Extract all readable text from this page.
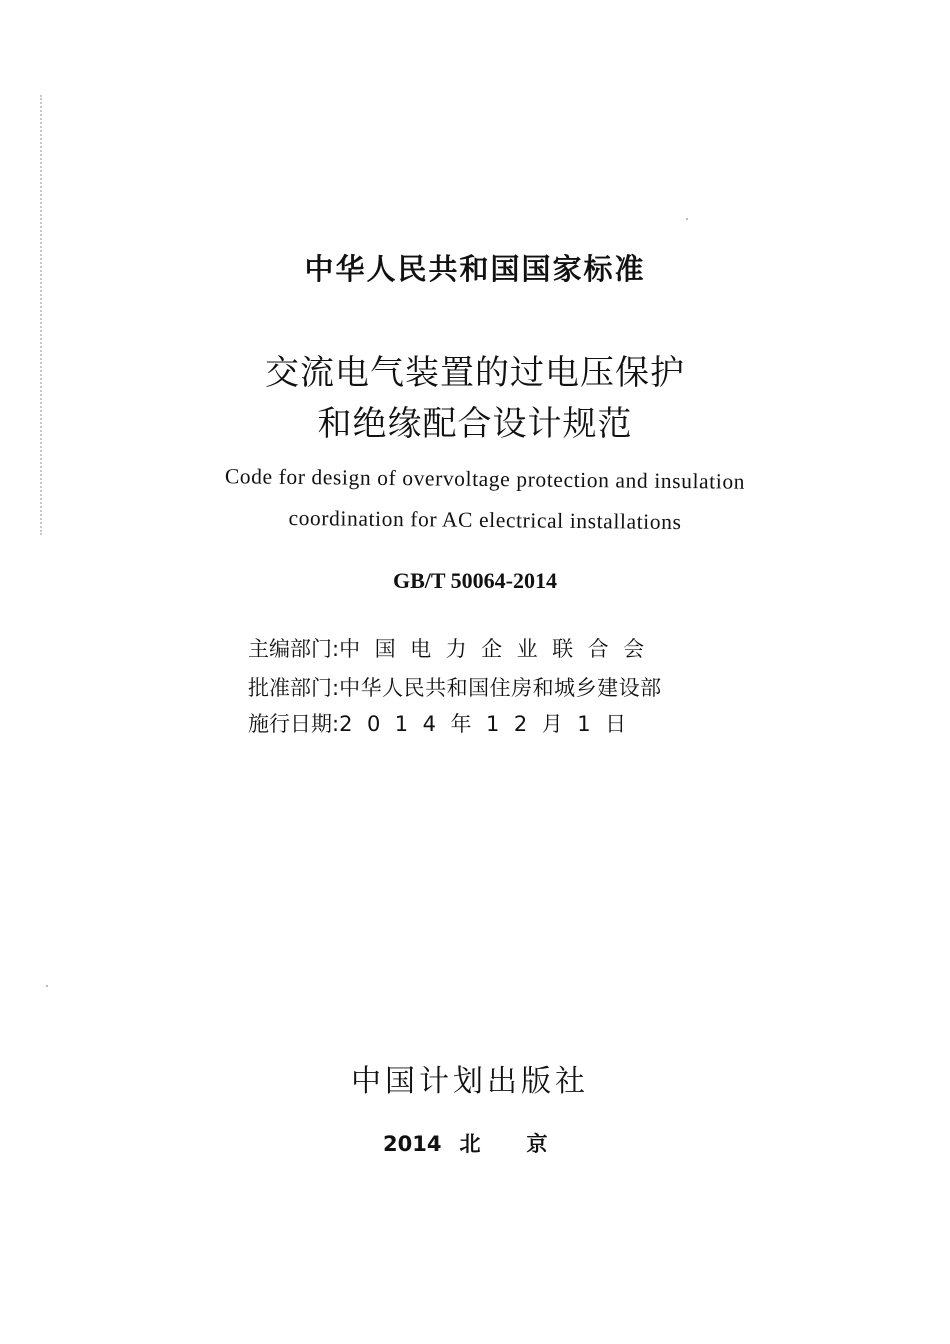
中华人民共和国国家标准
交流电气装置的过电压保护
和绝缘配合设计规范
Code for design of overvoltage protection and insulation
coordination for AC electrical installations
GB/T 50064-2014
主编部门:中国电力企业联合会
批准部门:中华人民共和国住房和城乡建设部
施行日期:2014年12月1日
中国计划出版社
2014 北京
